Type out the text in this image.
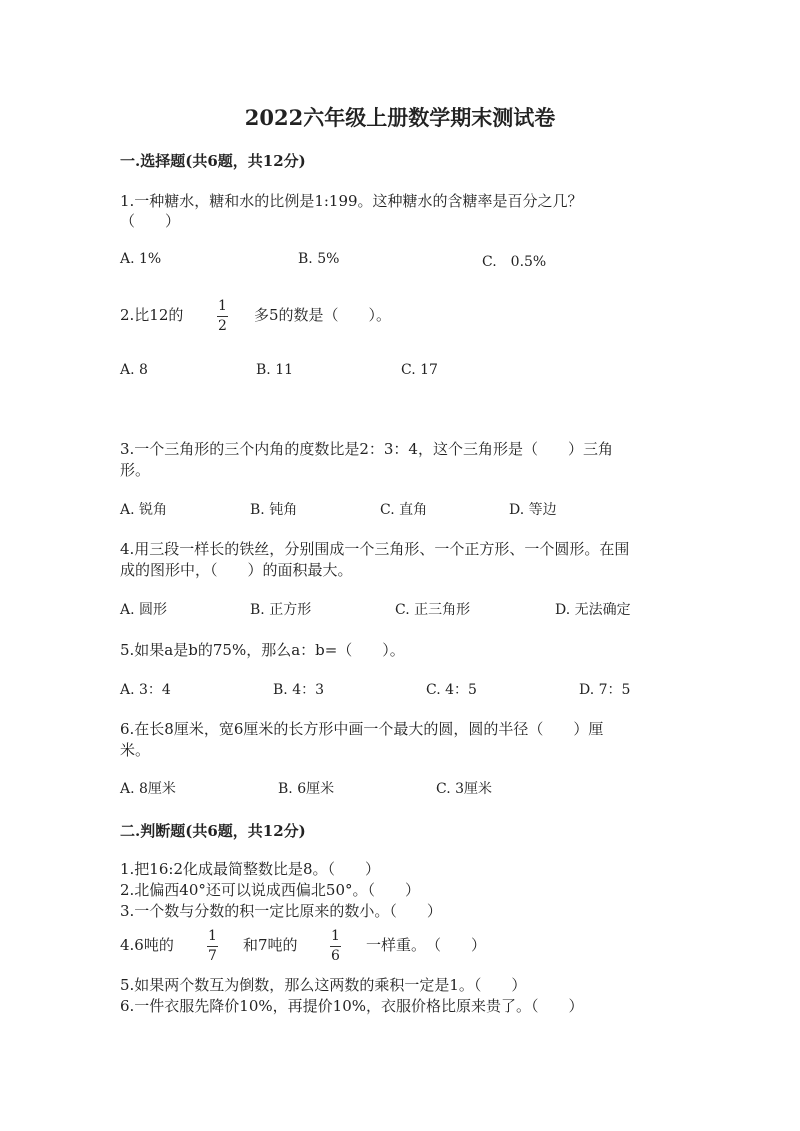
2022六年级上册数学期末测试卷
一.选择题(共6题，共12分)
1.一种糖水，糖和水的比例是1:199。这种糖水的含糖率是百分之几？
（　　）
A. 1%	B. 5%	C.　0.5%
2.比12的 1
2
多5的数是（　　）。
A. 8	B. 11	C. 17
3.一个三角形的三个内角的度数比是2：3：4，这个三角形是（　　）三角
形。
A. 锐角	B. 钝角	C. 直角	D. 等边
4.用三段一样长的铁丝，分别围成一个三角形、一个正方形、一个圆形。在围
成的图形中，（　　）的面积最大。
A. 圆形	B. 正方形	C. 正三角形	D. 无法确定
5.如果a是b的75%，那么a：b=（　　）。
A. 3：4	B. 4：3	C. 4：5	D. 7：5
6.在长8厘米，宽6厘米的长方形中画一个最大的圆，圆的半径（　　）厘
米。
A. 8厘米	B. 6厘米	C. 3厘米
二.判断题(共6题，共12分)
1.把16:2化成最简整数比是8。（　　）
2.北偏西40°还可以说成西偏北50°。（　　）
3.一个数与分数的积一定比原来的数小。（　　）
4.6吨的 1
7
和7吨的 1
6
一样重。　（　　）
5.如果两个数互为倒数，那么这两数的乘积一定是1。（　　）
6.一件衣服先降价10%，再提价10%，衣服价格比原来贵了。（　　）
